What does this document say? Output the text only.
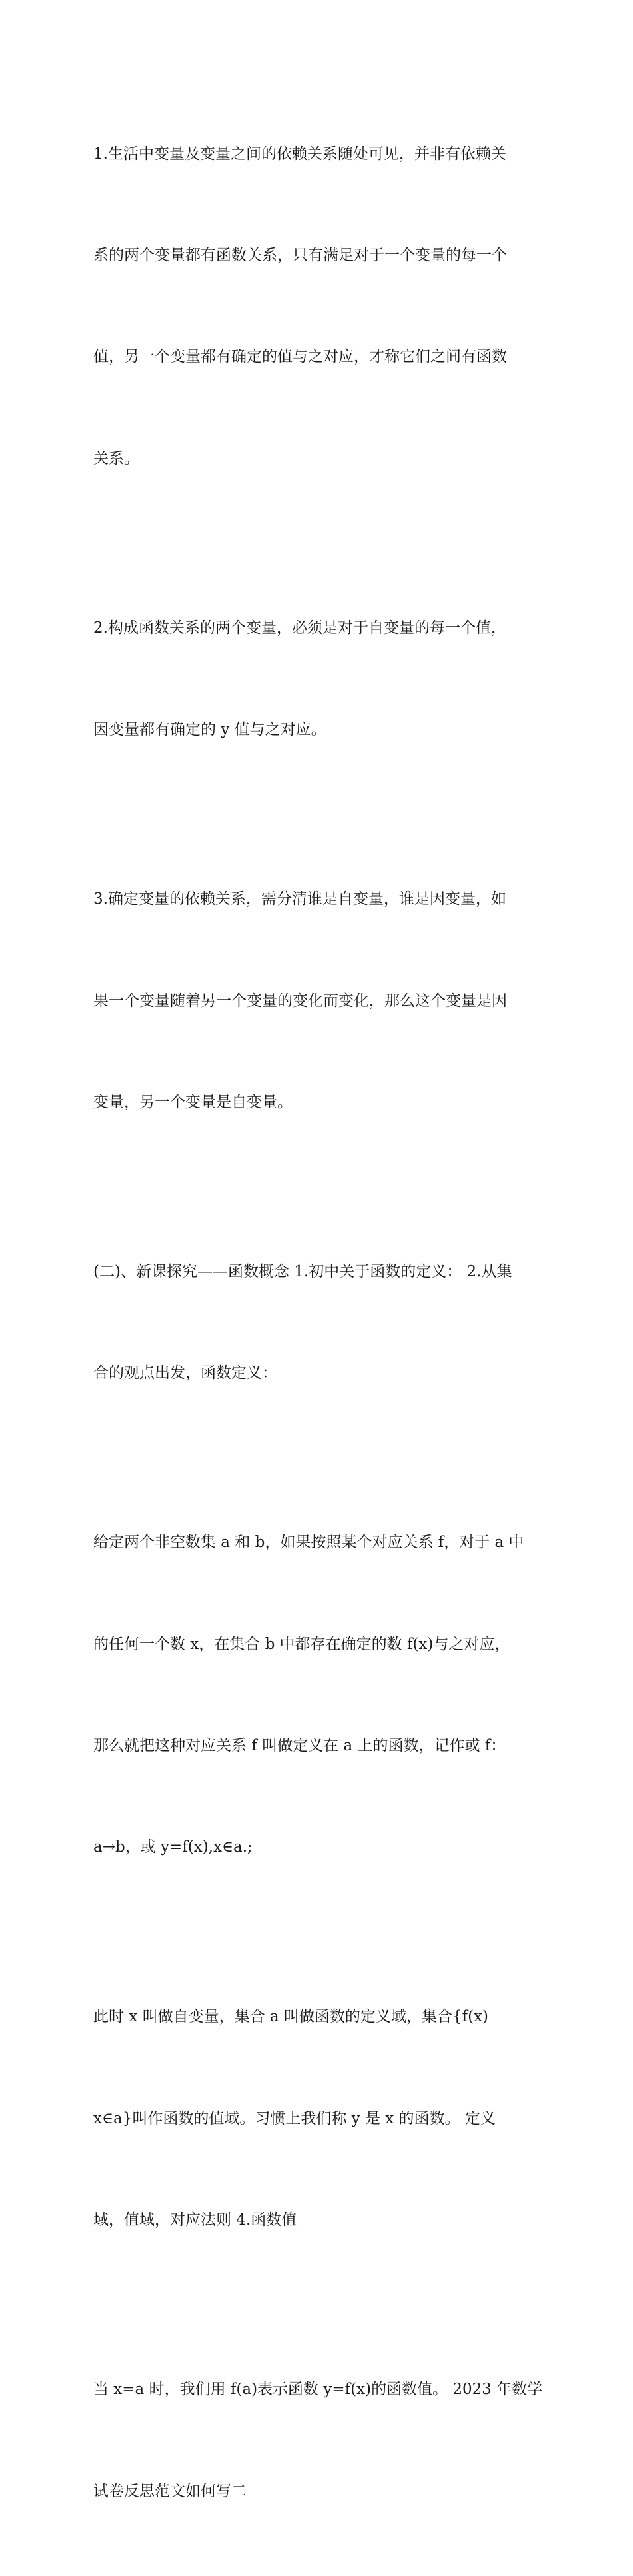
1.生活中变量及变量之间的依赖关系随处可见，并非有依赖关

系的两个变量都有函数关系，只有满足对于一个变量的每一个

值，另一个变量都有确定的值与之对应，才称它们之间有函数

关系。

2.构成函数关系的两个变量，必须是对于自变量的每一个值，

因变量都有确定的 y 值与之对应。

3.确定变量的依赖关系，需分清谁是自变量，谁是因变量，如

果一个变量随着另一个变量的变化而变化，那么这个变量是因

变量，另一个变量是自变量。

(二)、新课探究——函数概念 1.初中关于函数的定义： 2.从集

合的观点出发，函数定义：

给定两个非空数集 a 和 b，如果按照某个对应关系 f，对于 a 中

的任何一个数 x，在集合 b 中都存在确定的数 f(x)与之对应，

那么就把这种对应关系 f 叫做定义在 a 上的函数，记作或 f：

a→b，或 y=f(x),x∈a.;

此时 x 叫做自变量，集合 a 叫做函数的定义域，集合{f(x)｜

x∈a}叫作函数的值域。习惯上我们称 y 是 x 的函数。 定义

域，值域，对应法则 4.函数值

当 x=a 时，我们用 f(a)表示函数 y=f(x)的函数值。 2023 年数学

试卷反思范文如何写二
